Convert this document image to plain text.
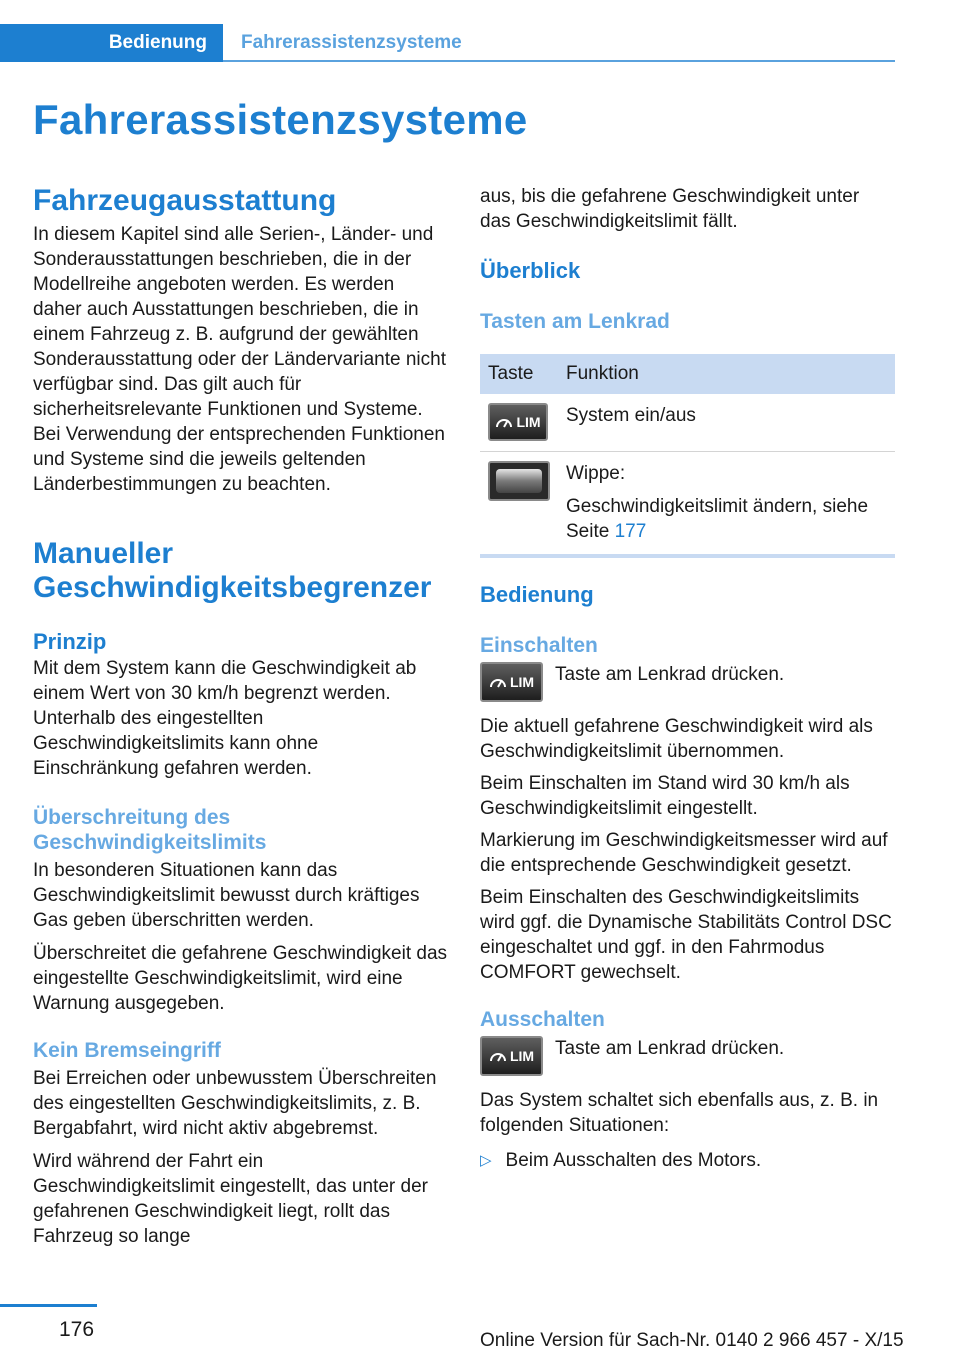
Bedienung	Fahrerassistenzsysteme
Fahrerassistenzsysteme
Fahrzeugausstattung

In diesem Kapitel sind alle Serien-, Länder- und Sonderausstattungen beschrieben, die in der Modellreihe angeboten werden. Es werden daher auch Ausstattungen beschrieben, die in einem Fahrzeug z. B. aufgrund der gewählten Sonderausstattung oder der Ländervariante nicht verfügbar sind. Das gilt auch für sicherheitsrelevante Funktionen und Systeme. Bei Verwendung der entsprechenden Funktionen und Systeme sind die jeweils geltenden Länderbestimmungen zu beachten.

Manueller Geschwindigkeitsbegrenzer
Prinzip

Mit dem System kann die Geschwindigkeit ab einem Wert von 30 km/h begrenzt werden. Unterhalb des eingestellten Geschwindigkeitslimits kann ohne Einschränkung gefahren werden.

Überschreitung des Geschwindigkeitslimits

In besonderen Situationen kann das Geschwindigkeitslimit bewusst durch kräftiges Gas geben überschritten werden.

Überschreitet die gefahrene Geschwindigkeit das eingestellte Geschwindigkeitslimit, wird eine Warnung ausgegeben.

Kein Bremseingriff

Bei Erreichen oder unbewusstem Überschreiten des eingestellten Geschwindigkeitslimits, z. B. Bergabfahrt, wird nicht aktiv abgebremst.

Wird während der Fahrt ein Geschwindigkeitslimit eingestellt, das unter der gefahrenen Geschwindigkeit liegt, rollt das Fahrzeug so lange

aus, bis die gefahrene Geschwindigkeit unter das Geschwindigkeitslimit fällt.

Überblick
Tasten am Lenkrad
Taste	Funktion

LIM	System ein/aus

	Wippe:

Geschwindigkeitslimit ändern, siehe Seite 177

Bedienung
Einschalten
LIM Taste am Lenkrad drücken.

Die aktuell gefahrene Geschwindigkeit wird als Geschwindigkeitslimit übernommen.

Beim Einschalten im Stand wird 30 km/h als Geschwindigkeitslimit eingestellt.

Markierung im Geschwindigkeitsmesser wird auf die entsprechende Geschwindigkeit gesetzt.

Beim Einschalten des Geschwindigkeitslimits wird ggf. die Dynamische Stabilitäts Control DSC eingeschaltet und ggf. in den Fahrmodus COMFORT gewechselt.

Ausschalten
LIM Taste am Lenkrad drücken.

Das System schaltet sich ebenfalls aus, z. B. in folgenden Situationen:

▷ Beim Ausschalten des Motors.

176	Online Version für Sach-Nr. 0140 2 966 457 - X/15
